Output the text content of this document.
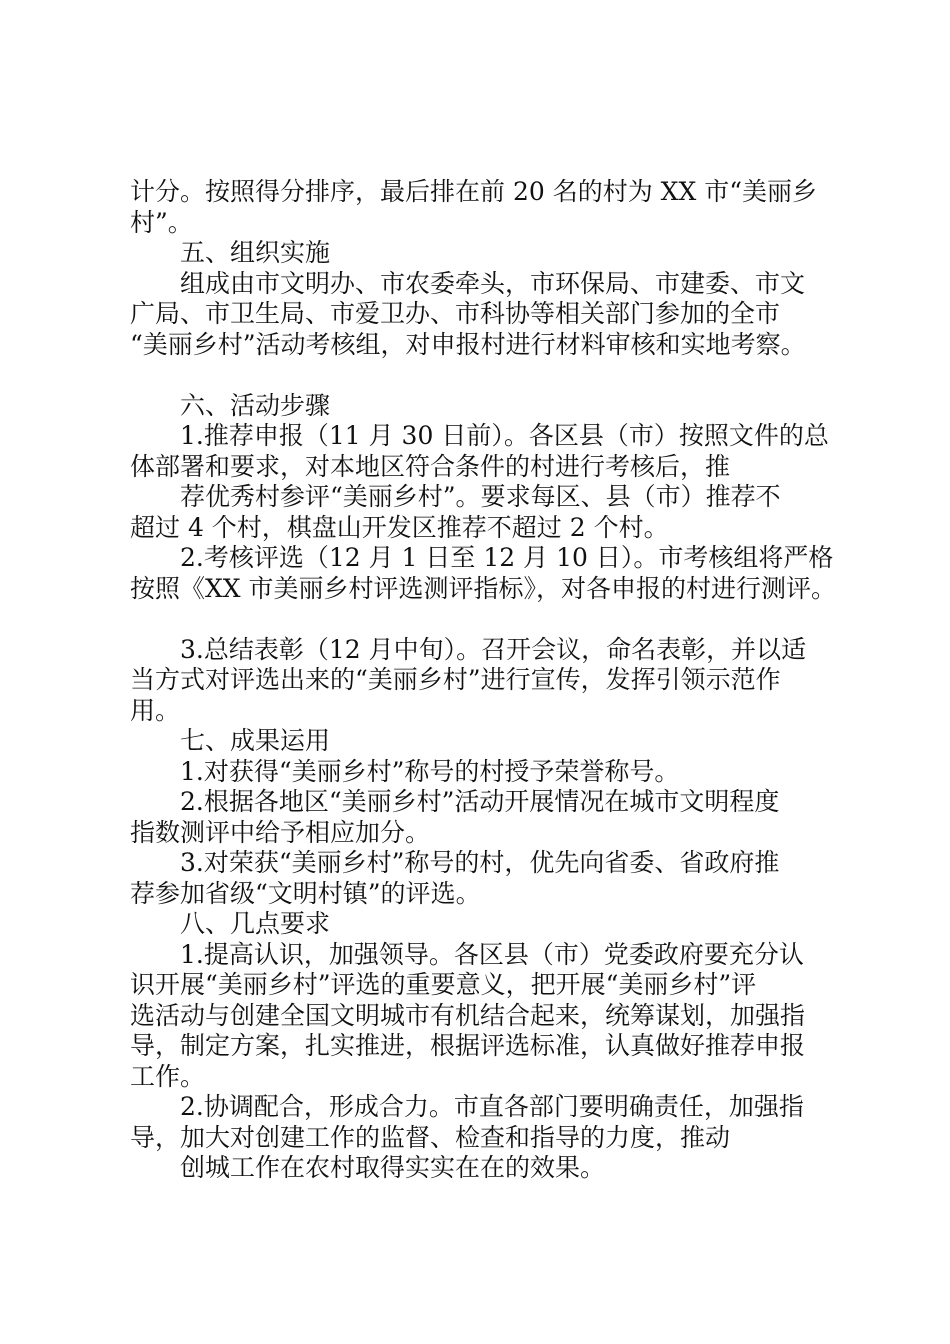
计分。按照得分排序，最后排在前 20 名的村为 XX 市“美丽乡

村”。

五、组织实施

组成由市文明办、市农委牵头，市环保局、市建委、市文

广局、市卫生局、市爱卫办、市科协等相关部门参加的全市

“美丽乡村”活动考核组，对申报村进行材料审核和实地考察。

六、活动步骤

1.推荐申报（11 月 30 日前）。各区县（市）按照文件的总

体部署和要求，对本地区符合条件的村进行考核后，推

荐优秀村参评“美丽乡村”。要求每区、县（市）推荐不

超过 4 个村，棋盘山开发区推荐不超过 2 个村。

2.考核评选（12 月 1 日至 12 月 10 日）。市考核组将严格

按照《XX 市美丽乡村评选测评指标》，对各申报的村进行测评。

3.总结表彰（12 月中旬）。召开会议，命名表彰，并以适

当方式对评选出来的“美丽乡村”进行宣传，发挥引领示范作

用。

七、成果运用

1.对获得“美丽乡村”称号的村授予荣誉称号。

2.根据各地区“美丽乡村”活动开展情况在城市文明程度

指数测评中给予相应加分。

3.对荣获“美丽乡村”称号的村，优先向省委、省政府推

荐参加省级“文明村镇”的评选。

八、几点要求

1.提高认识，加强领导。各区县（市）党委政府要充分认

识开展“美丽乡村”评选的重要意义，把开展“美丽乡村”评

选活动与创建全国文明城市有机结合起来，统筹谋划，加强指

导，制定方案，扎实推进，根据评选标准，认真做好推荐申报

工作。

2.协调配合，形成合力。市直各部门要明确责任，加强指

导，加大对创建工作的监督、检查和指导的力度，推动

创城工作在农村取得实实在在的效果。
